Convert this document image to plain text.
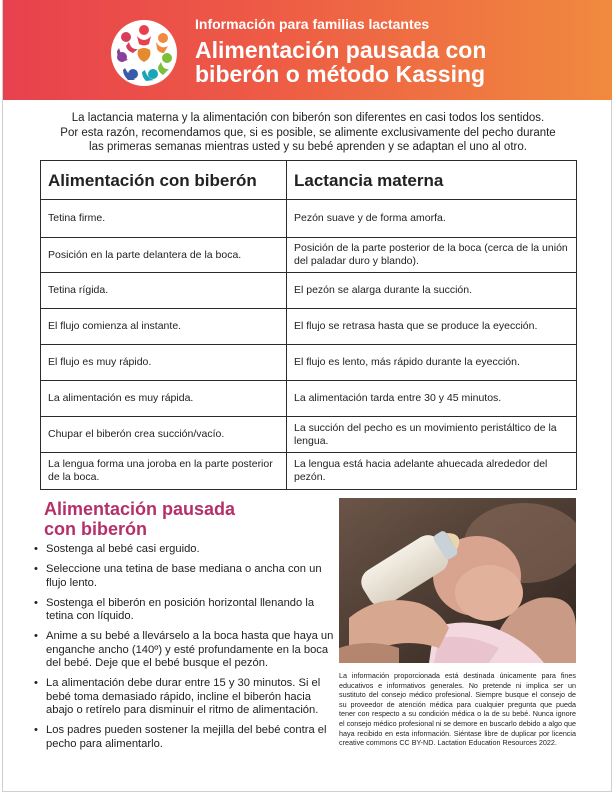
Información para familias lactantes
Alimentación pausada con
biberón o método Kassing
La lactancia materna y la alimentación con biberón son diferentes en casi todos los sentidos.
Por esta razón, recomendamos que, si es posible, se alimente exclusivamente del pecho durante
las primeras semanas mientras usted y su bebé aprenden y se adaptan el uno al otro.
Alimentación con biberón	Lactancia materna
Tetina firme.	Pezón suave y de forma amorfa.
Posición en la parte delantera de la boca.	Posición de la parte posterior de la boca (cerca de la unión del paladar duro y blando).
Tetina rígida.	El pezón se alarga durante la succión.
El flujo comienza al instante.	El flujo se retrasa hasta que se produce la eyección.
El flujo es muy rápido.	El flujo es lento, más rápido durante la eyección.
La alimentación es muy rápida.	La alimentación tarda entre 30 y 45 minutos.
Chupar el biberón crea succión/vacío.	La succión del pecho es un movimiento peristáltico de la lengua.
La lengua forma una joroba en la parte posterior de la boca.	La lengua está hacia adelante ahuecada alrededor del pezón.
Alimentación pausada
con biberón
• Sostenga al bebé casi erguido.
• Seleccione una tetina de base mediana o ancha con un flujo lento.
• Sostenga el biberón en posición horizontal llenando la tetina con líquido.
• Anime a su bebé a llevárselo a la boca hasta que haya un enganche ancho (140º) y esté profundamente en la boca del bebé. Deje que el bebé busque el pezón.
• La alimentación debe durar entre 15 y 30 minutos. Si el bebé toma demasiado rápido, incline el biberón hacia abajo o retírelo para disminuir el ritmo de alimentación.
• Los padres pueden sostener la mejilla del bebé contra el pecho para alimentarlo.
La información proporcionada está destinada únicamente para fines educativos e informativos generales. No pretende ni implica ser un sustituto del consejo médico profesional. Siempre busque el consejo de su proveedor de atención médica para cualquier pregunta que pueda tener con respecto a su condición médica o la de su bebé. Nunca ignore el consejo médico profesional ni se demore en buscarlo debido a algo que haya recibido en esta información. Siéntase libre de duplicar por licencia creative commons CC BY-ND. Lactation Education Resources 2022.
